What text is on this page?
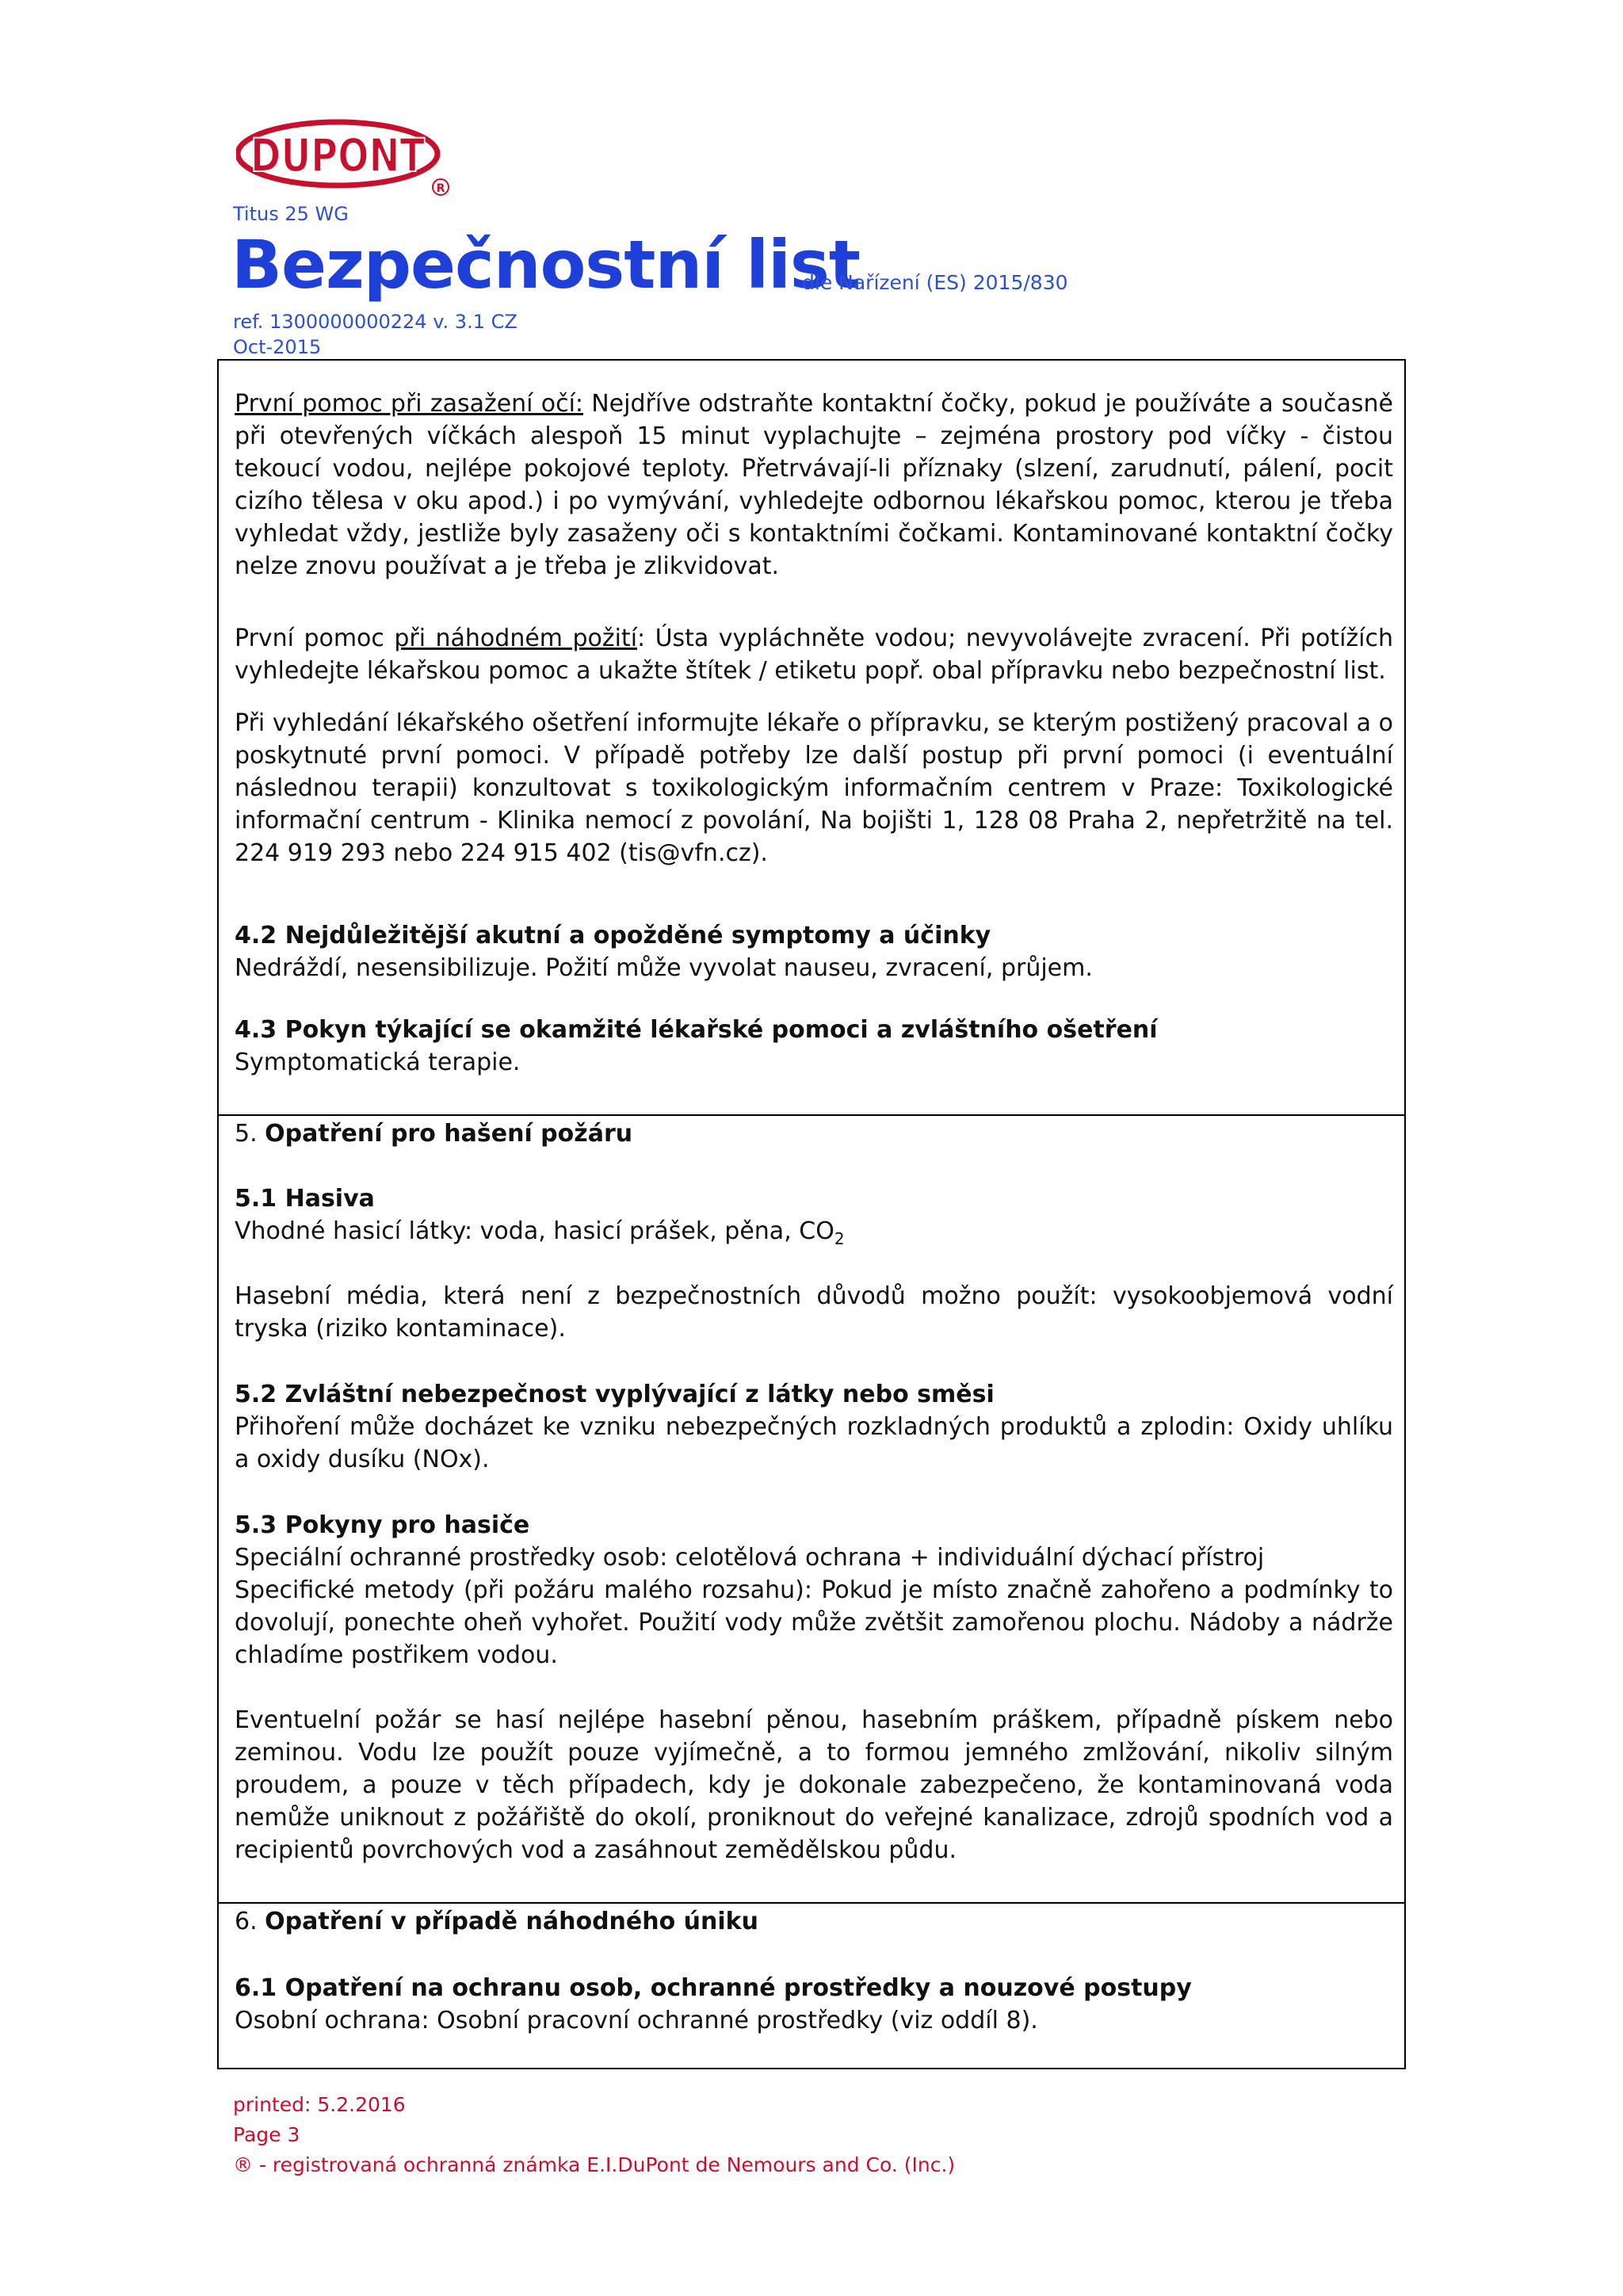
DUPONT
R
Titus 25 WG
Bezpečnostní list
dle Nařízení (ES) 2015/830
ref. 1300000000224 v. 3.1 CZ
Oct-2015
První pomoc při zasažení očí: Nejdříve odstraňte kontaktní čočky, pokud je používáte a současně při otevřených víčkách alespoň 15 minut vyplachujte – zejména prostory pod víčky - čistou tekoucí vodou, nejlépe pokojové teploty. Přetrvávají-li příznaky (slzení, zarudnutí, pálení, pocit cizího tělesa v oku apod.) i po vymývání, vyhledejte odbornou lékařskou pomoc, kterou je třeba vyhledat vždy, jestliže byly zasaženy oči s kontaktními čočkami. Kontaminované kontaktní čočky nelze znovu používat a je třeba je zlikvidovat.
První pomoc při náhodném požití: Ústa vypláchněte vodou; nevyvolávejte zvracení. Při potížích vyhledejte lékařskou pomoc a ukažte štítek / etiketu popř. obal přípravku nebo bezpečnostní list.
Při vyhledání lékařského ošetření informujte lékaře o přípravku, se kterým postižený pracoval a o poskytnuté první pomoci. V případě potřeby lze další postup při první pomoci (i eventuální následnou terapii) konzultovat s toxikologickým informačním centrem v Praze: Toxikologické informační centrum - Klinika nemocí z povolání, Na bojišti 1, 128 08 Praha 2, nepřetržitě na tel. 224 919 293 nebo 224 915 402 (tis@vfn.cz).
4.2 Nejdůležitější akutní a opožděné symptomy a účinky
Nedráždí, nesensibilizuje. Požití může vyvolat nauseu, zvracení, průjem.
4.3 Pokyn týkající se okamžité lékařské pomoci a zvláštního ošetření
Symptomatická terapie.
5. Opatření pro hašení požáru
5.1 Hasiva
Vhodné hasicí látky: voda, hasicí prášek, pěna, $CO_2$
Hasební média, která není z bezpečnostních důvodů možno použít: vysokoobjemová vodní tryska (riziko kontaminace).
5.2 Zvláštní nebezpečnost vyplývající z látky nebo směsi
Přihoření může docházet ke vzniku nebezpečných rozkladných produktů a zplodin: Oxidy uhlíku a oxidy dusíku (NOx).
5.3 Pokyny pro hasiče
Speciální ochranné prostředky osob: celotělová ochrana + individuální dýchací přístroj
Specifické metody (při požáru malého rozsahu): Pokud je místo značně zahořeno a podmínky to dovolují, ponechte oheň vyhořet. Použití vody může zvětšit zamořenou plochu. Nádoby a nádrže chladíme postřikem vodou.
Eventuelní požár se hasí nejlépe hasební pěnou, hasebním práškem, případně pískem nebo zeminou. Vodu lze použít pouze vyjímečně, a to formou jemného zmlžování, nikoliv silným proudem, a pouze v těch případech, kdy je dokonale zabezpečeno, že kontaminovaná voda nemůže uniknout z požářiště do okolí, proniknout do veřejné kanalizace, zdrojů spodních vod a recipientů povrchových vod a zasáhnout zemědělskou půdu.
6. Opatření v případě náhodného úniku
6.1 Opatření na ochranu osob, ochranné prostředky a nouzové postupy
Osobní ochrana: Osobní pracovní ochranné prostředky (viz oddíl 8).
printed: 5.2.2016
Page 3
® - registrovaná ochranná známka E.I.DuPont de Nemours and Co. (Inc.)
